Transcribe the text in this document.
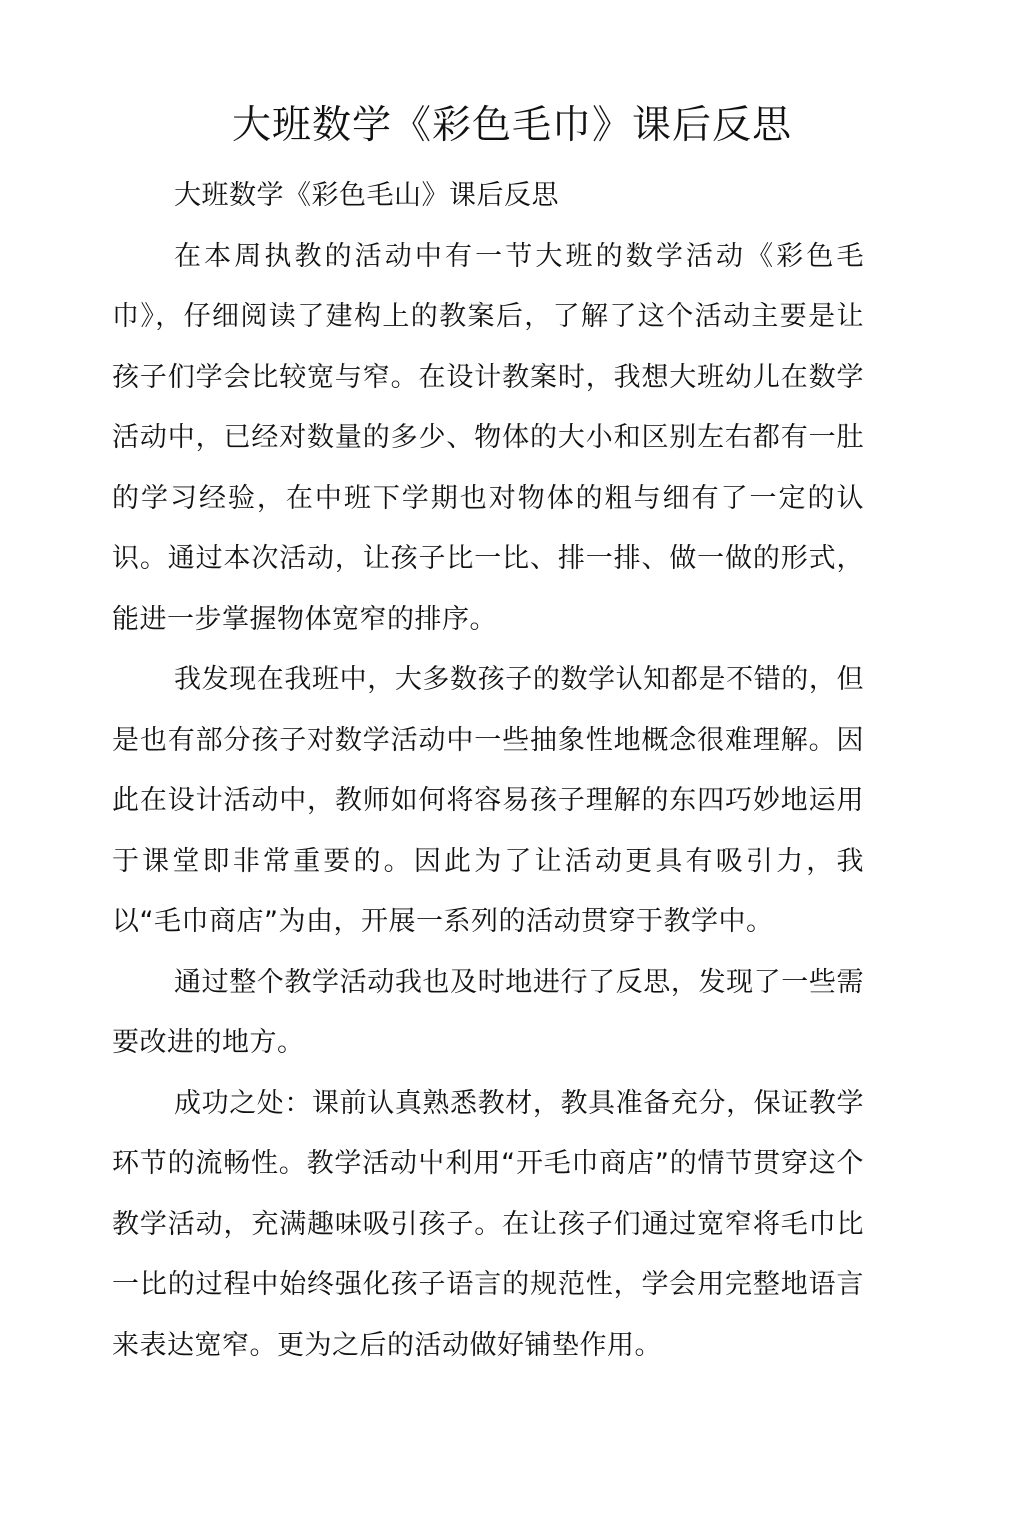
大班数学《彩色毛巾》课后反思

大班数学《彩色毛山》课后反思

在本周执教的活动中有一节大班的数学活动《彩色毛巾》，仔细阅读了建构上的教案后，了解了这个活动主要是让孩子们学会比较宽与窄。在设计教案时，我想大班幼儿在数学活动中，已经对数量的多少、物体的大小和区别左右都有一肚的学习经验，在中班下学期也对物体的粗与细有了一定的认识。通过本次活动，让孩子比一比、排一排、做一做的形式，能进一步掌握物体宽窄的排序。

我发现在我班中，大多数孩子的数学认知都是不错的，但是也有部分孩子对数学活动中一些抽象性地概念很难理解。因此在设计活动中，教师如何将容易孩子理解的东四巧妙地运用于课堂即非常重要的。因此为了让活动更具有吸引力，我以“毛巾商店”为由，开展一系列的活动贯穿于教学中。

通过整个教学活动我也及时地进行了反思，发现了一些需要改进的地方。

成功之处：课前认真熟悉教材，教具准备充分，保证教学环节的流畅性。教学活动屮利用“开毛巾商店”的情节贯穿这个教学活动，充满趣味吸引孩子。在让孩子们通过宽窄将毛巾比一比的过程中始终强化孩子语言的规范性，学会用完整地语言来表达宽窄。更为之后的活动做好铺垫作用。
